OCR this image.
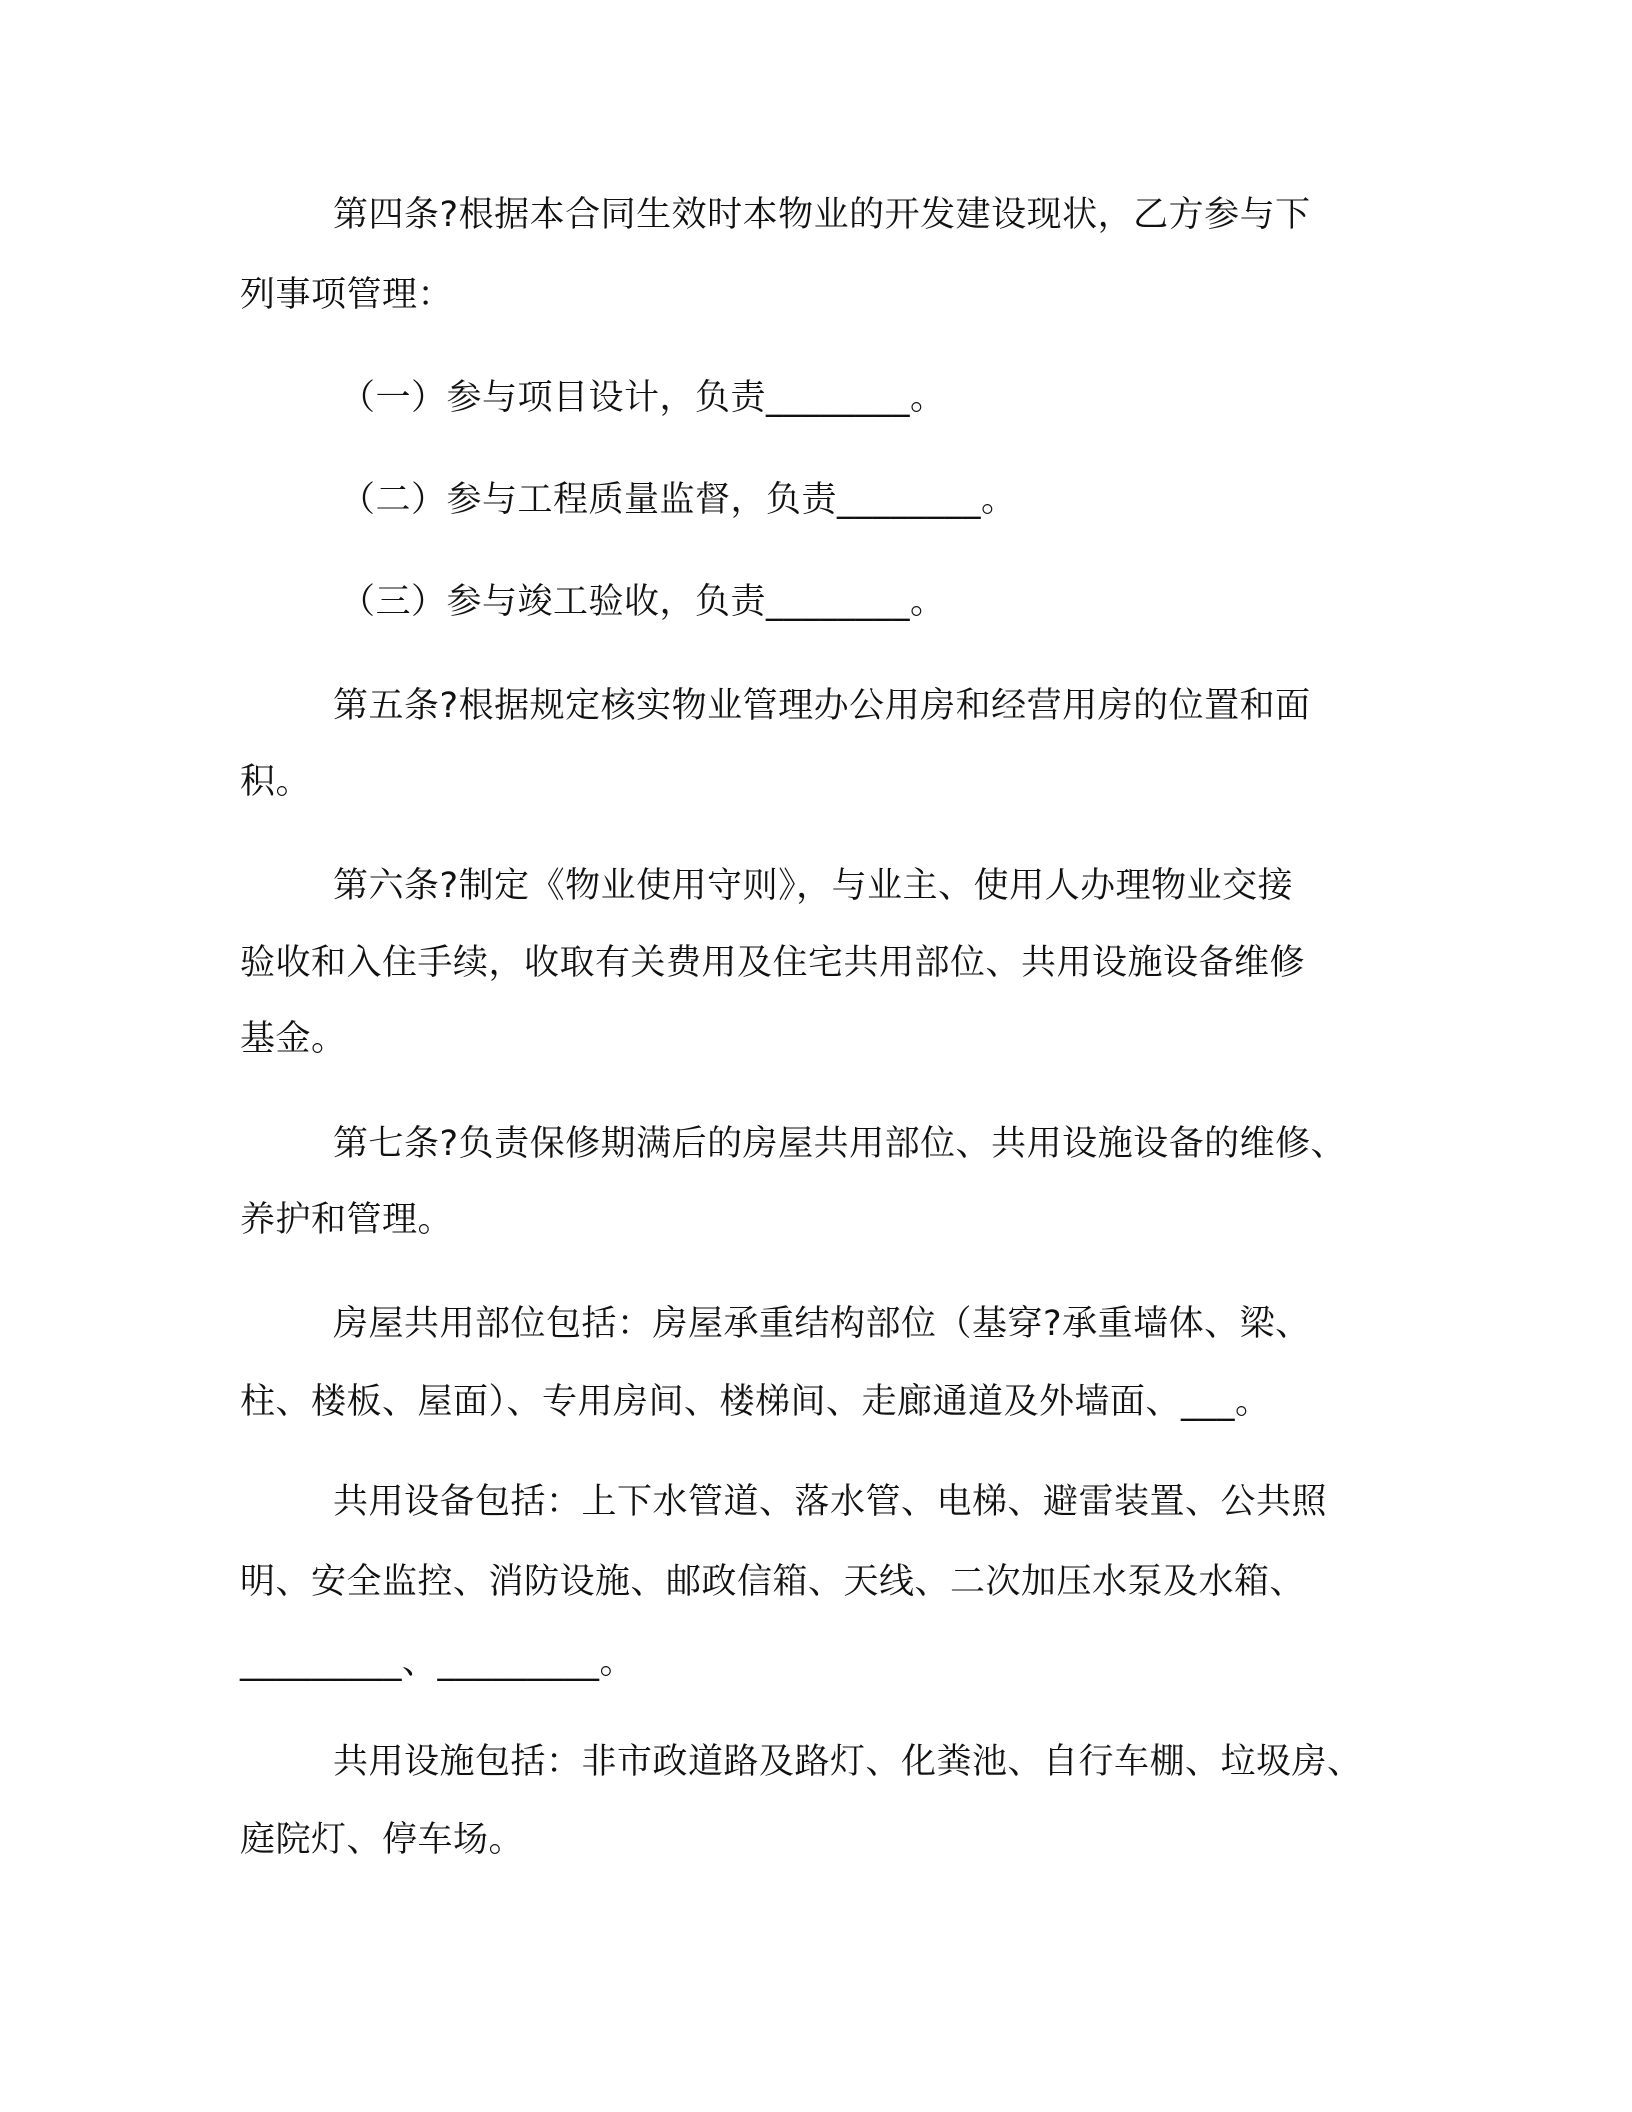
第四条?根据本合同生效时本物业的开发建设现状，乙方参与下
列事项管理：
（一）参与项目设计，负责________。
（二）参与工程质量监督，负责________。
（三）参与竣工验收，负责________。
第五条?根据规定核实物业管理办公用房和经营用房的位置和面
积。
第六条?制定《物业使用守则》，与业主、使用人办理物业交接
验收和入住手续，收取有关费用及住宅共用部位、共用设施设备维修
基金。
第七条?负责保修期满后的房屋共用部位、共用设施设备的维修、
养护和管理。
房屋共用部位包括：房屋承重结构部位（基穿?承重墙体、梁、
柱、楼板、屋面）、专用房间、楼梯间、走廊通道及外墙面、___。
共用设备包括：上下水管道、落水管、电梯、避雷装置、公共照
明、安全监控、消防设施、邮政信箱、天线、二次加压水泵及水箱、
_________、_________。
共用设施包括：非市政道路及路灯、化粪池、自行车棚、垃圾房、
庭院灯、停车场。
